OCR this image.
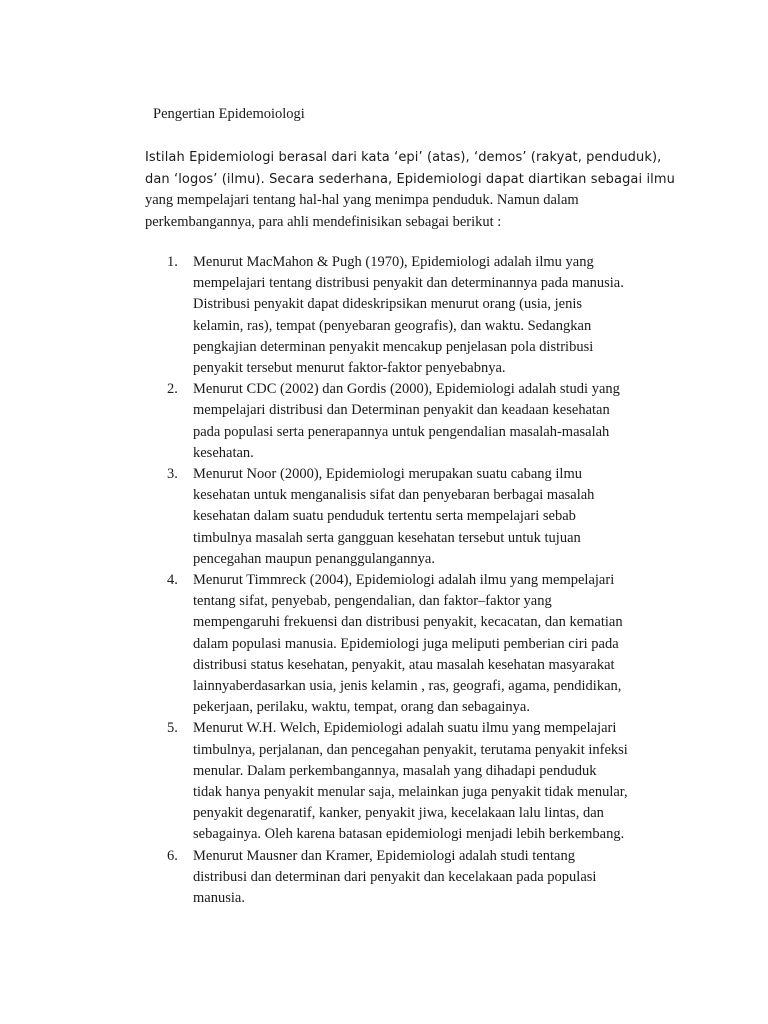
Pengertian Epidemoiologi

Istilah Epidemiologi berasal dari kata ‘epi’ (atas), ‘demos’ (rakyat, penduduk),
dan ‘logos’ (ilmu). Secara sederhana, Epidemiologi dapat diartikan sebagai ilmu
yang mempelajari tentang hal-hal yang menimpa penduduk. Namun dalam
perkembangannya, para ahli mendefinisikan sebagai berikut :

1. Menurut MacMahon & Pugh (1970), Epidemiologi adalah ilmu yang
mempelajari tentang distribusi penyakit dan determinannya pada manusia.
Distribusi penyakit dapat dideskripsikan menurut orang (usia, jenis
kelamin, ras), tempat (penyebaran geografis), dan waktu. Sedangkan
pengkajian determinan penyakit mencakup penjelasan pola distribusi
penyakit tersebut menurut faktor-faktor penyebabnya.
2. Menurut CDC (2002) dan Gordis (2000), Epidemiologi adalah studi yang
mempelajari distribusi dan Determinan penyakit dan keadaan kesehatan
pada populasi serta penerapannya untuk pengendalian masalah-masalah
kesehatan.
3. Menurut Noor (2000), Epidemiologi merupakan suatu cabang ilmu
kesehatan untuk menganalisis sifat dan penyebaran berbagai masalah
kesehatan dalam suatu penduduk tertentu serta mempelajari sebab
timbulnya masalah serta gangguan kesehatan tersebut untuk tujuan
pencegahan maupun penanggulangannya.
4. Menurut Timmreck (2004), Epidemiologi adalah ilmu yang mempelajari
tentang sifat, penyebab, pengendalian, dan faktor–faktor yang
mempengaruhi frekuensi dan distribusi penyakit, kecacatan, dan kematian
dalam populasi manusia. Epidemiologi juga meliputi pemberian ciri pada
distribusi status kesehatan, penyakit, atau masalah kesehatan masyarakat
lainnyaberdasarkan usia, jenis kelamin , ras, geografi, agama, pendidikan,
pekerjaan, perilaku, waktu, tempat, orang dan sebagainya.
5. Menurut W.H. Welch, Epidemiologi adalah suatu ilmu yang mempelajari
timbulnya, perjalanan, dan pencegahan penyakit, terutama penyakit infeksi
menular. Dalam perkembangannya, masalah yang dihadapi penduduk
tidak hanya penyakit menular saja, melainkan juga penyakit tidak menular,
penyakit degenaratif, kanker, penyakit jiwa, kecelakaan lalu lintas, dan
sebagainya. Oleh karena batasan epidemiologi menjadi lebih berkembang.
6. Menurut Mausner dan Kramer, Epidemiologi adalah studi tentang
distribusi dan determinan dari penyakit dan kecelakaan pada populasi
manusia.
